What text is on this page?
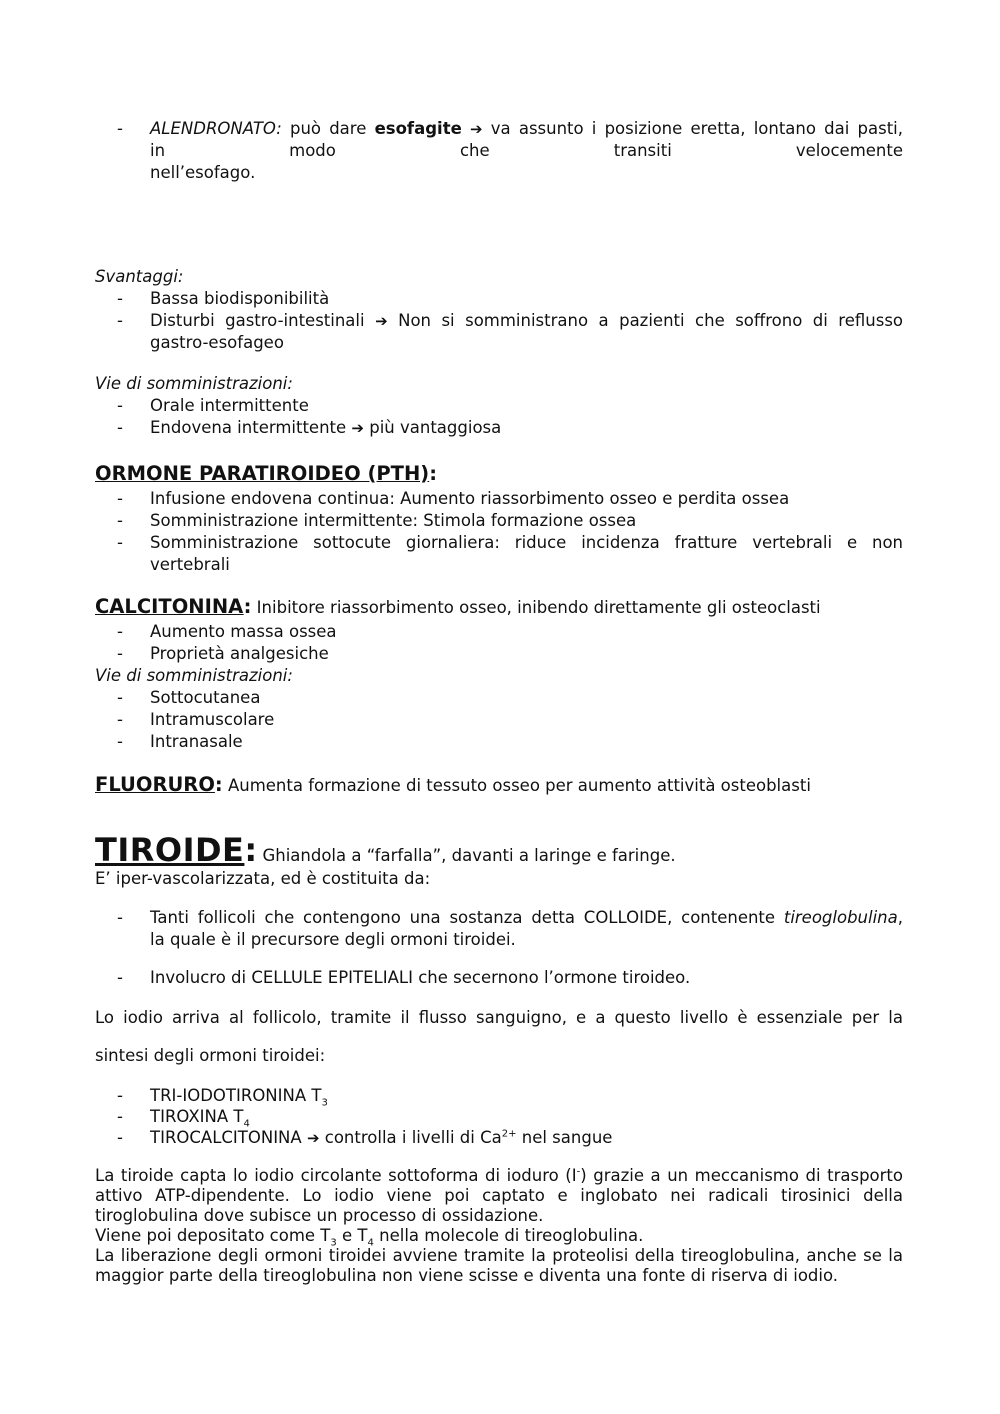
- ALENDRONATO: può dare esofagite ➔ va assunto i posizione eretta, lontano dai pasti,
in modo che transiti velocemente
nell’esofago.
Svantaggi:
- Bassa biodisponibilità
- Disturbi gastro-intestinali ➔ Non si somministrano a pazienti che soffrono di reflusso
gastro-esofageo
Vie di somministrazioni:
- Orale intermittente
- Endovena intermittente ➔ più vantaggiosa
ORMONE PARATIROIDEO (PTH):
- Infusione endovena continua: Aumento riassorbimento osseo e perdita ossea
- Somministrazione intermittente: Stimola formazione ossea
- Somministrazione sottocute giornaliera: riduce incidenza fratture vertebrali e non
vertebrali
CALCITONINA: Inibitore riassorbimento osseo, inibendo direttamente gli osteoclasti
- Aumento massa ossea
- Proprietà analgesiche
Vie di somministrazioni:
- Sottocutanea
- Intramuscolare
- Intranasale
FLUORURO: Aumenta formazione di tessuto osseo per aumento attività osteoblasti
TIROIDE: Ghiandola a “farfalla”, davanti a laringe e faringe.
E’ iper-vascolarizzata, ed è costituita da:
- Tanti follicoli che contengono una sostanza detta COLLOIDE, contenente tireoglobulina,
la quale è il precursore degli ormoni tiroidei.
- Involucro di CELLULE EPITELIALI che secernono l’ormone tiroideo.
Lo iodio arriva al follicolo, tramite il flusso sanguigno, e a questo livello è essenziale per la
sintesi degli ormoni tiroidei:
- TRI-IODOTIRONINA $T_3$
- TIROXINA $T_4$
- TIROCALCITONINA ➔ controlla i livelli di $Ca^{2+}$ nel sangue
La tiroide capta lo iodio circolante sottoforma di ioduro (I-) grazie a un meccanismo di trasporto
attivo ATP-dipendente. Lo iodio viene poi captato e inglobato nei radicali tirosinici della
tiroglobulina dove subisce un processo di ossidazione.
Viene poi depositato come $T_3$ e $T_4$ nella molecole di tireoglobulina.
La liberazione degli ormoni tiroidei avviene tramite la proteolisi della tireoglobulina, anche se la
maggior parte della tireoglobulina non viene scisse e diventa una fonte di riserva di iodio.
